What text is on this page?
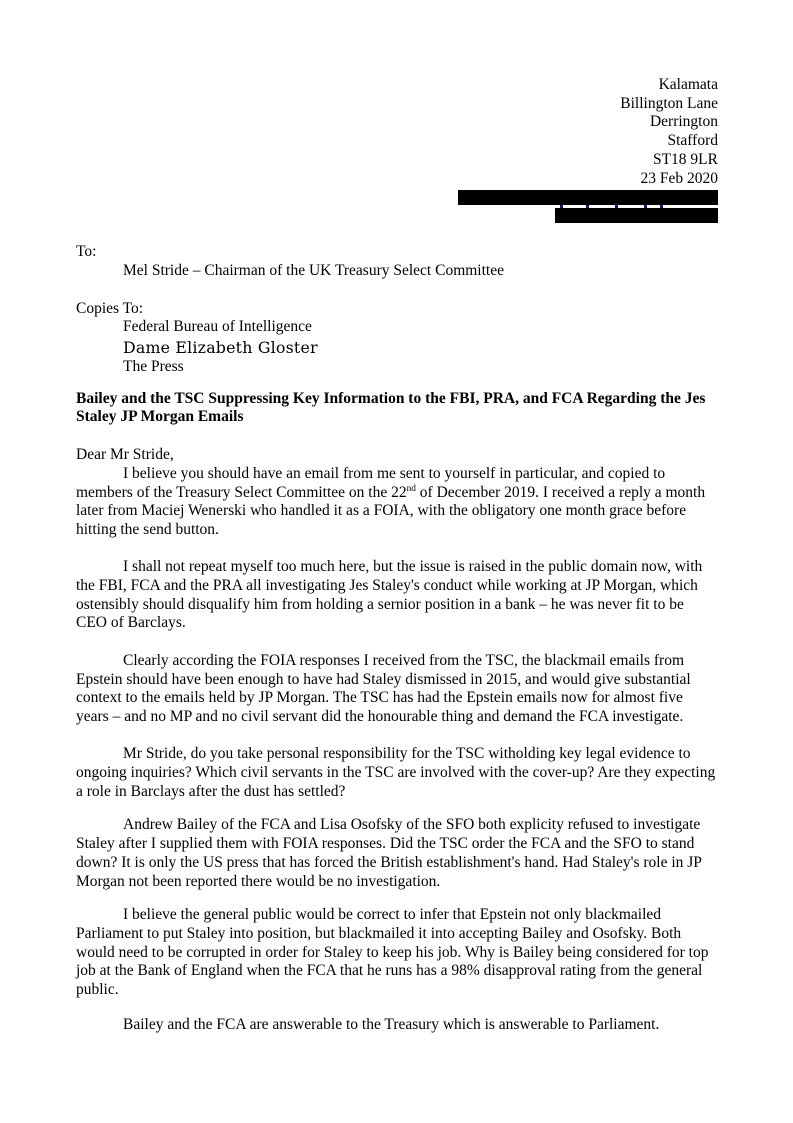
Kalamata
Billington Lane
Derrington
Stafford
ST18 9LR
23 Feb 2020
To:
Mel Stride – Chairman of the UK Treasury Select Committee
Copies To:
Federal Bureau of Intelligence
Dame Elizabeth Gloster
The Press
Bailey and the TSC Suppressing Key Information to the FBI, PRA, and FCA Regarding the Jes Staley JP Morgan Emails
Dear Mr Stride,

I believe you should have an email from me sent to yourself in particular, and copied to members of the Treasury Select Committee on the 22nd of December 2019. I received a reply a month later from Maciej Wenerski who handled it as a FOIA, with the obligatory one month grace before hitting the send button.

I shall not repeat myself too much here, but the issue is raised in the public domain now, with the FBI, FCA and the PRA all investigating Jes Staley's conduct while working at JP Morgan, which ostensibly should disqualify him from holding a sernior position in a bank – he was never fit to be CEO of Barclays.

Clearly according the FOIA responses I received from the TSC, the blackmail emails from Epstein should have been enough to have had Staley dismissed in 2015, and would give substantial context to the emails held by JP Morgan. The TSC has had the Epstein emails now for almost five years – and no MP and no civil servant did the honourable thing and demand the FCA investigate.

Mr Stride, do you take personal responsibility for the TSC witholding key legal evidence to ongoing inquiries? Which civil servants in the TSC are involved with the cover-up? Are they expecting a role in Barclays after the dust has settled?

Andrew Bailey of the FCA and Lisa Osofsky of the SFO both explicity refused to investigate Staley after I supplied them with FOIA responses. Did the TSC order the FCA and the SFO to stand down? It is only the US press that has forced the British establishment's hand. Had Staley's role in JP Morgan not been reported there would be no investigation.

I believe the general public would be correct to infer that Epstein not only blackmailed Parliament to put Staley into position, but blackmailed it into accepting Bailey and Osofsky. Both would need to be corrupted in order for Staley to keep his job. Why is Bailey being considered for top job at the Bank of England when the FCA that he runs has a 98% disapproval rating from the general public.

Bailey and the FCA are answerable to the Treasury which is answerable to Parliament.
